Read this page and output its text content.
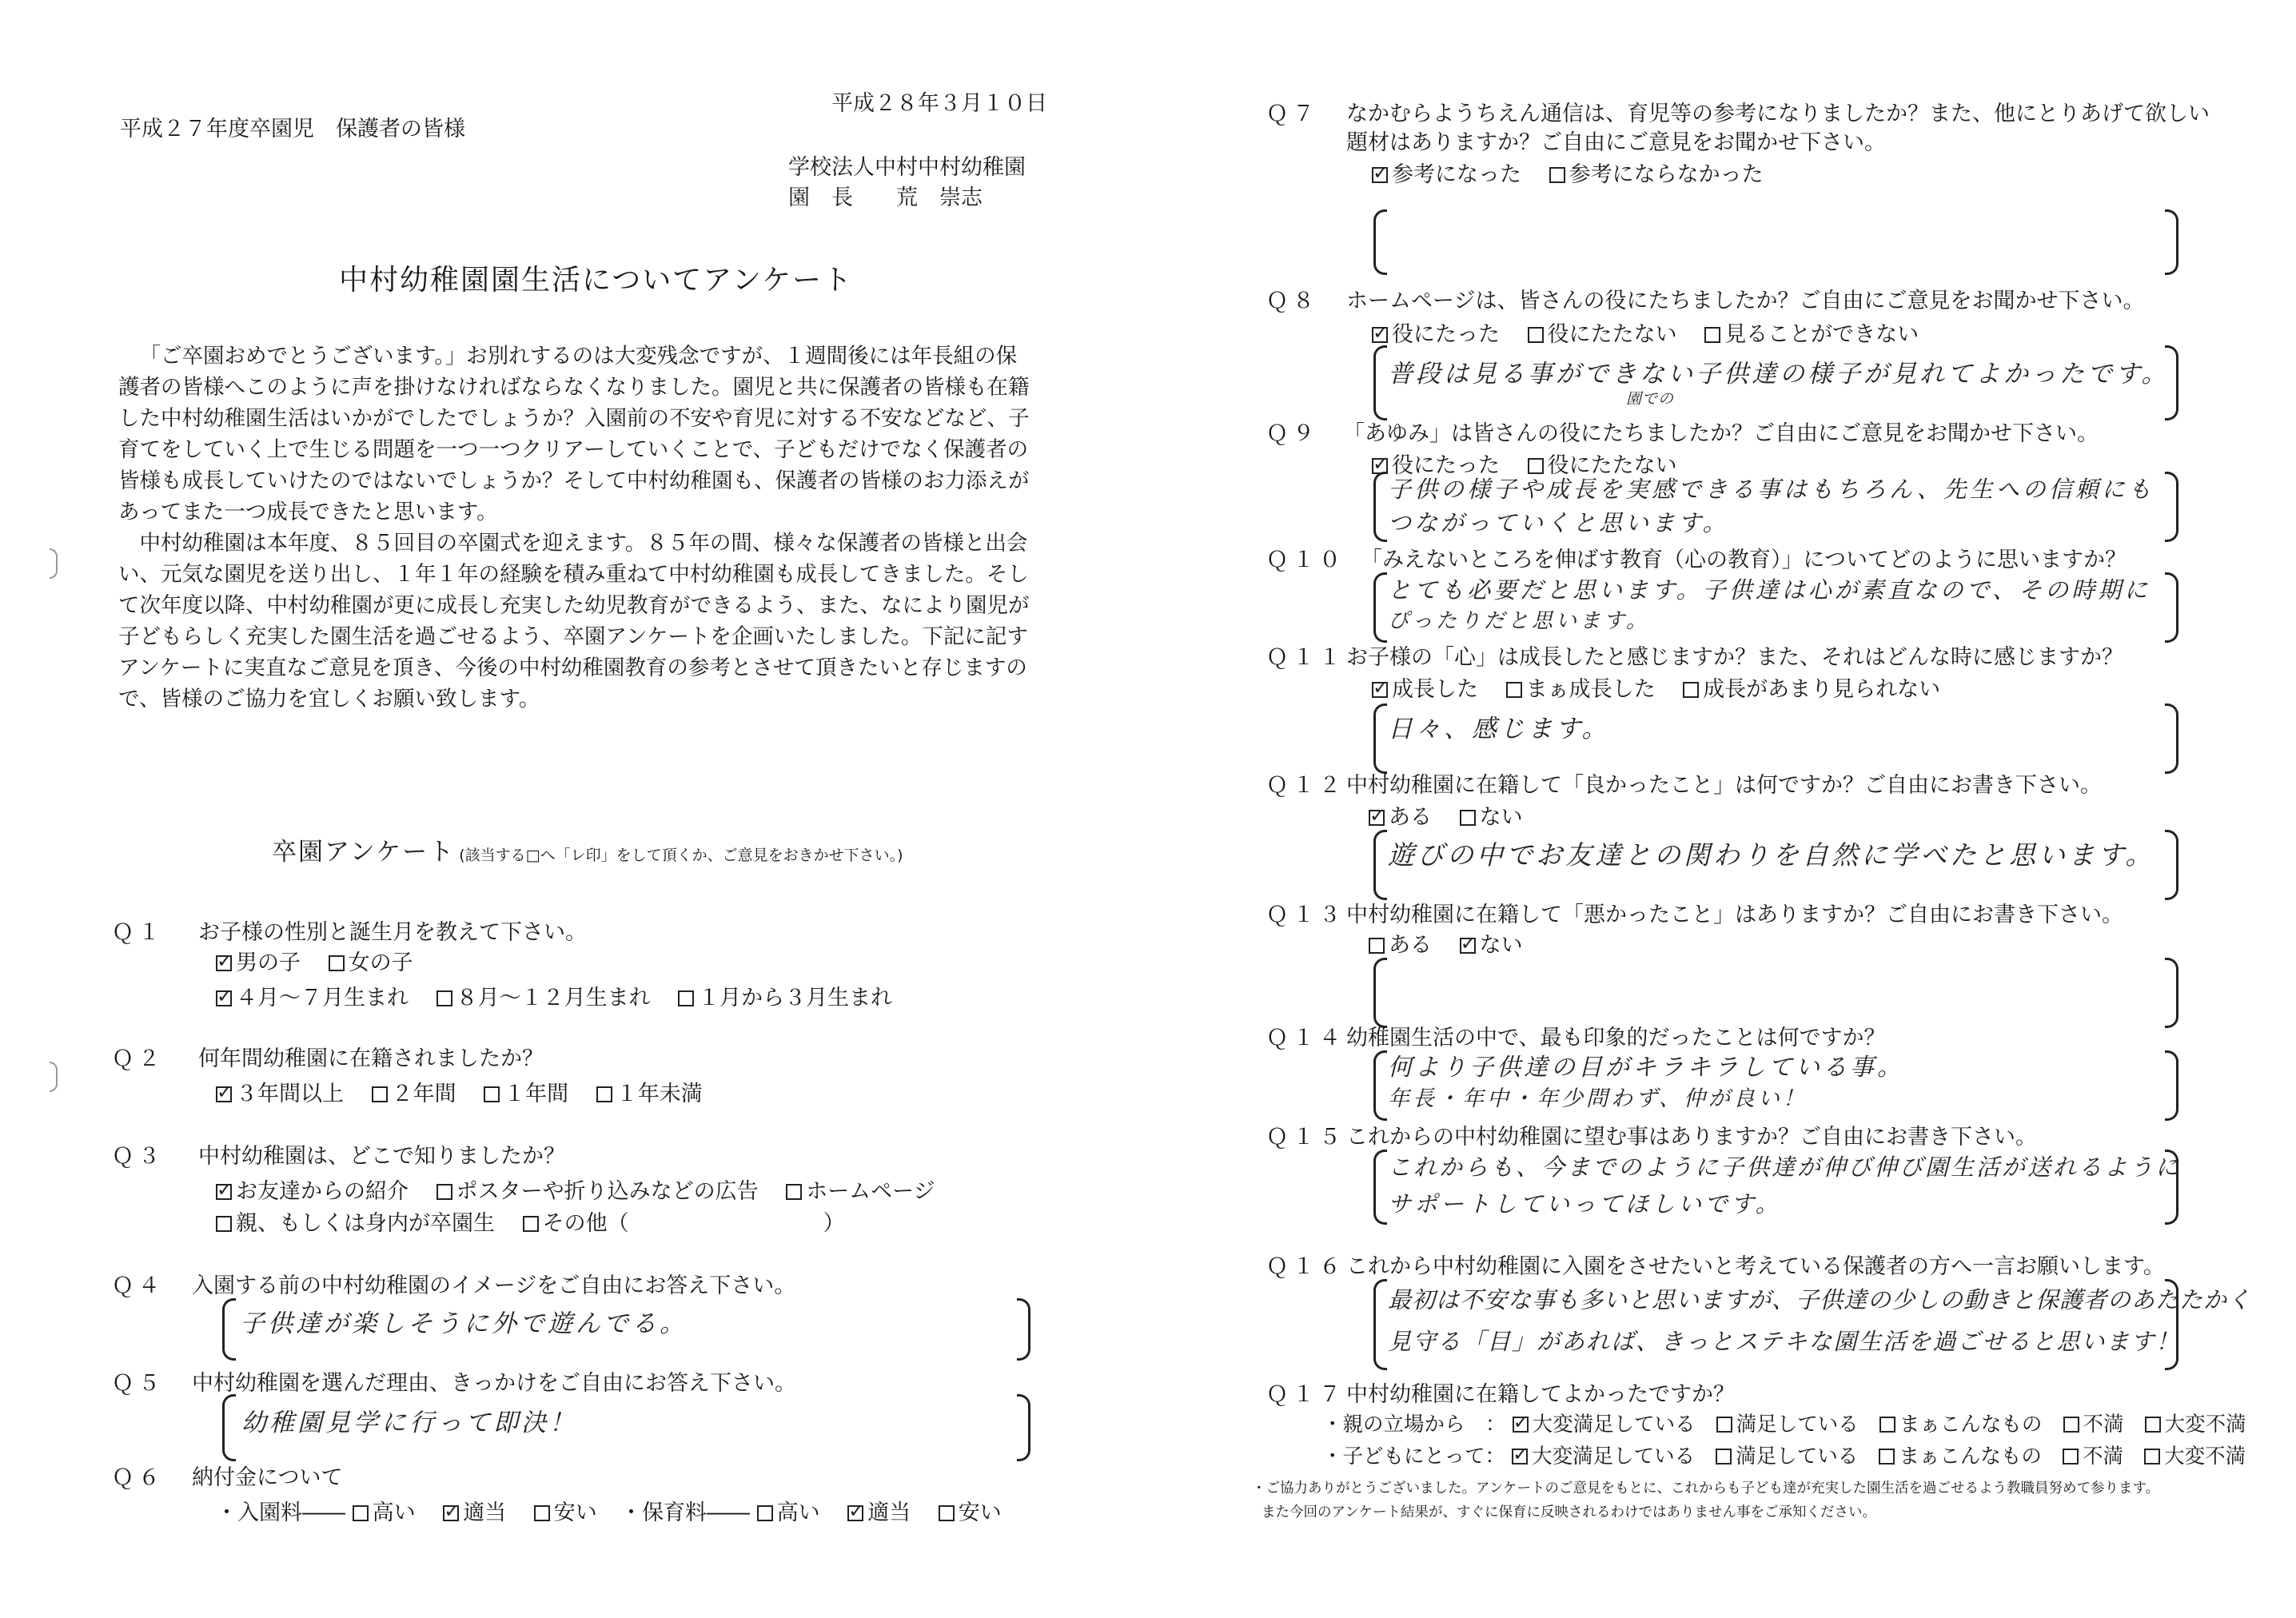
平成２８年３月１０日
平成２７年度卒園児　保護者の皆様
学校法人中村中村幼稚園
園　長　　荒　崇志
中村幼稚園園生活についてアンケート

「ご卒園おめでとうございます。」お別れするのは大変残念ですが、１週間後には年長組の保護者の皆様へこのように声を掛けなければならなくなりました。園児と共に保護者の皆様も在籍した中村幼稚園生活はいかがでしたでしょうか？入園前の不安や育児に対する不安などなど、子育てをしていく上で生じる問題を一つ一つクリアーしていくことで、子どもだけでなく保護者の皆様も成長していけたのではないでしょうか？そして中村幼稚園も、保護者の皆様のお力添えがあってまた一つ成長できたと思います。

中村幼稚園は本年度、８５回目の卒園式を迎えます。８５年の間、様々な保護者の皆様と出会い、元気な園児を送り出し、１年１年の経験を積み重ねて中村幼稚園も成長してきました。そして次年度以降、中村幼稚園が更に成長し充実した幼児教育ができるよう、また、なにより園児が子どもらしく充実した園生活を過ごせるよう、卒園アンケートを企画いたしました。下記に記すアンケートに実直なご意見を頂き、今後の中村幼稚園教育の参考とさせて頂きたいと存じますので、皆様のご協力を宜しくお願い致します。

卒園アンケート (該当する□へ「レ印」をして頂くか、ご意見をおきかせ下さい。)
Ｑ１ お子様の性別と誕生月を教えて下さい。
✓男の子 女の子
✓４月～７月生まれ ８月～１２月生まれ １月から３月生まれ
Ｑ２ 何年間幼稚園に在籍されましたか？
✓３年間以上 ２年間 １年間 １年未満
Ｑ３ 中村幼稚園は、どこで知りましたか？
✓お友達からの紹介 ポスターや折り込みなどの広告 ホームページ
親、もしくは身内が卒園生 その他（　　　　　　　　　）
Ｑ４ 入園する前の中村幼稚園のイメージをご自由にお答え下さい。
子供達が楽しそうに外で遊んでる。
Ｑ５ 中村幼稚園を選んだ理由、きっかけをご自由にお答え下さい。
幼稚園見学に行って即決！
Ｑ６ 納付金について
・入園料―― 高い ✓ 適当 安い	・保育料―― 高い ✓ 適当 安い
Ｑ７ なかむらようちえん通信は、育児等の参考になりましたか？また、他にとりあげて欲しい
題材はありますか？ご自由にご意見をお聞かせ下さい。
✓参考になった 参考にならなかった
Ｑ８ ホームページは、皆さんの役にたちましたか？ご自由にご意見をお聞かせ下さい。
✓役にたった 役にたたない 見ることができない
普段は見る事ができない子供達の様子が見れてよかったです。
園での
Ｑ９ 「あゆみ」は皆さんの役にたちましたか？ご自由にご意見をお聞かせ下さい。
✓役にたった 役にたたない
子供の様子や成長を実感できる事はもちろん、先生への信頼にも
つながっていくと思います。
Ｑ１０ 「みえないところを伸ばす教育（心の教育）」についてどのように思いますか？
とても必要だと思います。子供達は心が素直なので、その時期に
ぴったりだと思います。
Ｑ１１ お子様の「心」は成長したと感じますか？また、それはどんな時に感じますか？
✓成長した まぁ成長した 成長があまり見られない
日々、感じます。
Ｑ１２ 中村幼稚園に在籍して「良かったこと」は何ですか？ご自由にお書き下さい。
✓ある ない
遊びの中でお友達との関わりを自然に学べたと思います。
Ｑ１３ 中村幼稚園に在籍して「悪かったこと」はありますか？ご自由にお書き下さい。
ある ✓ ない
Ｑ１４ 幼稚園生活の中で、最も印象的だったことは何ですか？
何より子供達の目がキラキラしている事。
年長・年中・年少問わず、仲が良い！
Ｑ１５ これからの中村幼稚園に望む事はありますか？ご自由にお書き下さい。
これからも、今までのように子供達が伸び伸び園生活が送れるように
サポートしていってほしいです。
Ｑ１６ これから中村幼稚園に入園をさせたいと考えている保護者の方へ一言お願いします。
最初は不安な事も多いと思いますが、子供達の少しの動きと保護者のあたたかく
見守る「目」があれば、きっとステキな園生活を過ごせると思います！
Ｑ１７ 中村幼稚園に在籍してよかったですか？
・親の立場から　： ✓ 大変満足している 満足している まぁこんなもの 不満 大変不満
・子どもにとって： ✓ 大変満足している 満足している まぁこんなもの 不満 大変不満
・ご協力ありがとうございました。アンケートのご意見をもとに、これからも子ども達が充実した園生活を過ごせるよう教職員努めて参ります。
また今回のアンケート結果が、すぐに保育に反映されるわけではありません事をご承知ください。
